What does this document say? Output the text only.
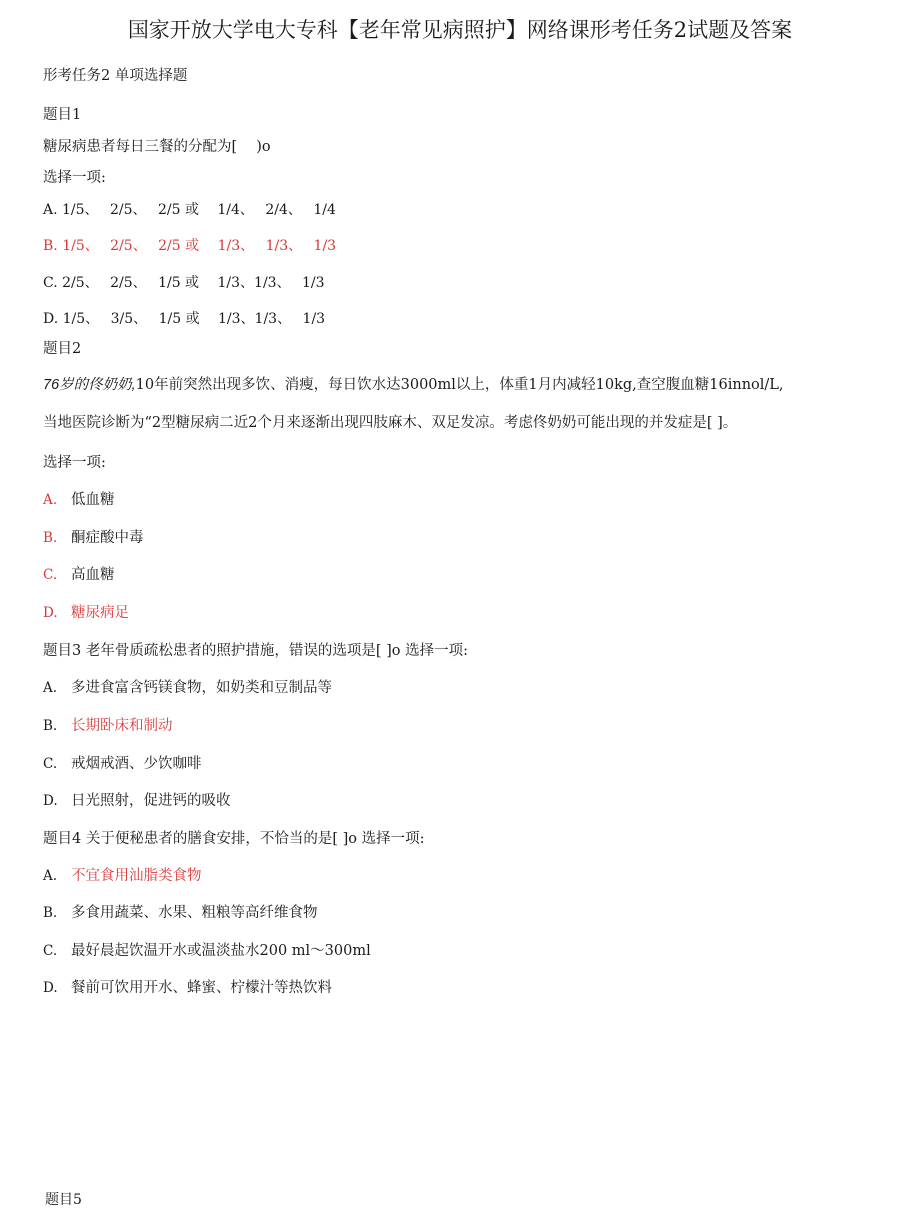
国家开放大学电大专科【老年常见病照护】网络课形考任务2试题及答案
形考任务2 单项选择题
题目1
糖尿病患者每日三餐的分配为[　 )o
选择一项:
A. 1/5、　 2/5、　 2/5 或　 1/4、　 2/4、　 1/4
B. 1/5、　 2/5、　 2/5 或　 1/3、　 1/3、　 1/3
C. 2/5、　 2/5、　 1/5 或　 1/3、1/3、　 1/3
D. 1/5、　 3/5、　 1/5 或　 1/3、1/3、　 1/3
题目2
76岁的佟奶奶,10年前突然出现多饮、消瘦，每日饮水达3000ml以上，体重1月内减轻10kg,查空腹血糖16innol/L,
当地医院诊断为“2型糖尿病二近2个月来逐渐出现四肢麻木、双足发凉。考虑佟奶奶可能出现的并发症是[ ]。
选择一项:
A. 低血糖
B. 酮症酸中毒
C. 高血糖
D. 糖尿病足
题目3 老年骨质疏松患者的照护措施，错误的选项是[ ]o 选择一项:
A. 多进食富含钙镁食物，如奶类和豆制品等
B. 长期卧床和制动
C. 戒烟戒酒、少饮咖啡
D. 日光照射，促进钙的吸收
题目4 关于便秘患者的膳食安排，不恰当的是[ ]o 选择一项:
A. 不宜食用汕脂类食物
B. 多食用蔬菜、水果、粗粮等高纤维食物
C. 最好晨起饮温开水或温淡盐水200 ml〜300ml
D. 餐前可饮用开水、蜂蜜、柠檬汁等热饮料
题目5
